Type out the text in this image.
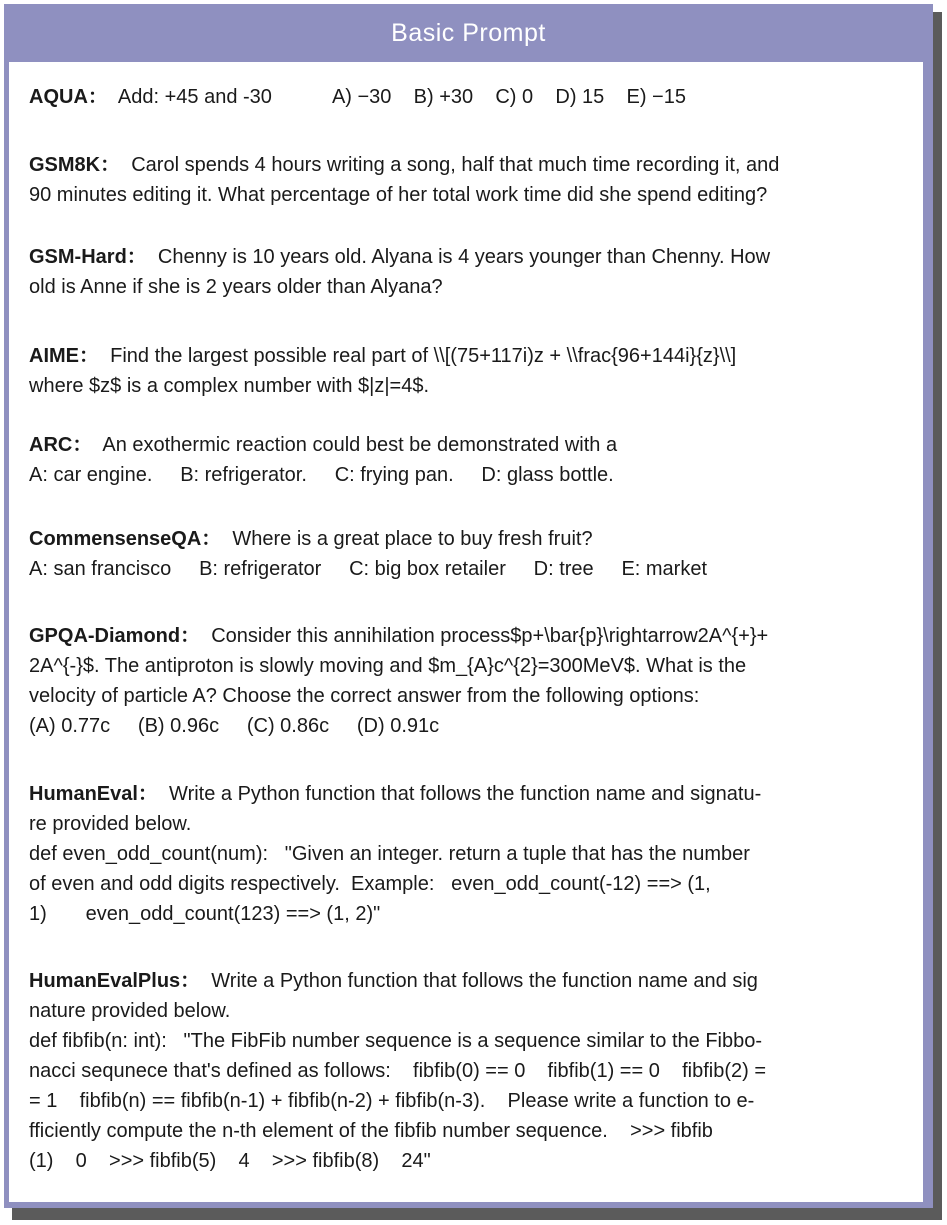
Basic Prompt
AQUA：  Add: +45 and -30           A) −30    B) +30    C) 0    D) 15    E) −15
GSM8K：  Carol spends 4 hours writing a song, half that much time recording it, and
90 minutes editing it. What percentage of her total work time did she spend editing?
GSM-Hard：  Chenny is 10 years old. Alyana is 4 years younger than Chenny. How
old is Anne if she is 2 years older than Alyana?
AIME：  Find the largest possible real part of \\[(75+117i)z + \\frac{96+144i}{z}\\]
where $z$ is a complex number with $|z|=4$.
ARC：  An exothermic reaction could best be demonstrated with a
A: car engine.     B: refrigerator.     C: frying pan.     D: glass bottle.
CommensenseQA：  Where is a great place to buy fresh fruit?
A: san francisco     B: refrigerator     C: big box retailer     D: tree     E: market
GPQA-Diamond：  Consider this annihilation process$p+\bar{p}\rightarrow2A^{+}+
2A^{-}$. The antiproton is slowly moving and $m_{A}c^{2}=300MeV$. What is the
velocity of particle A? Choose the correct answer from the following options:
(A) 0.77c     (B) 0.96c     (C) 0.86c     (D) 0.91c
HumanEval：  Write a Python function that follows the function name and signatu-
re provided below.
def even_odd_count(num):   "Given an integer. return a tuple that has the number
of even and odd digits respectively.  Example:   even_odd_count(-12) ==> (1,
1)       even_odd_count(123) ==> (1, 2)"
HumanEvalPlus：  Write a Python function that follows the function name and sig
nature provided below.
def fibfib(n: int):   "The FibFib number sequence is a sequence similar to the Fibbo-
nacci sequnece that's defined as follows:    fibfib(0) == 0    fibfib(1) == 0    fibfib(2) =
= 1    fibfib(n) == fibfib(n-1) + fibfib(n-2) + fibfib(n-3).    Please write a function to e-
fficiently compute the n-th element of the fibfib number sequence.    >>> fibfib
(1)    0    >>> fibfib(5)    4    >>> fibfib(8)    24"
